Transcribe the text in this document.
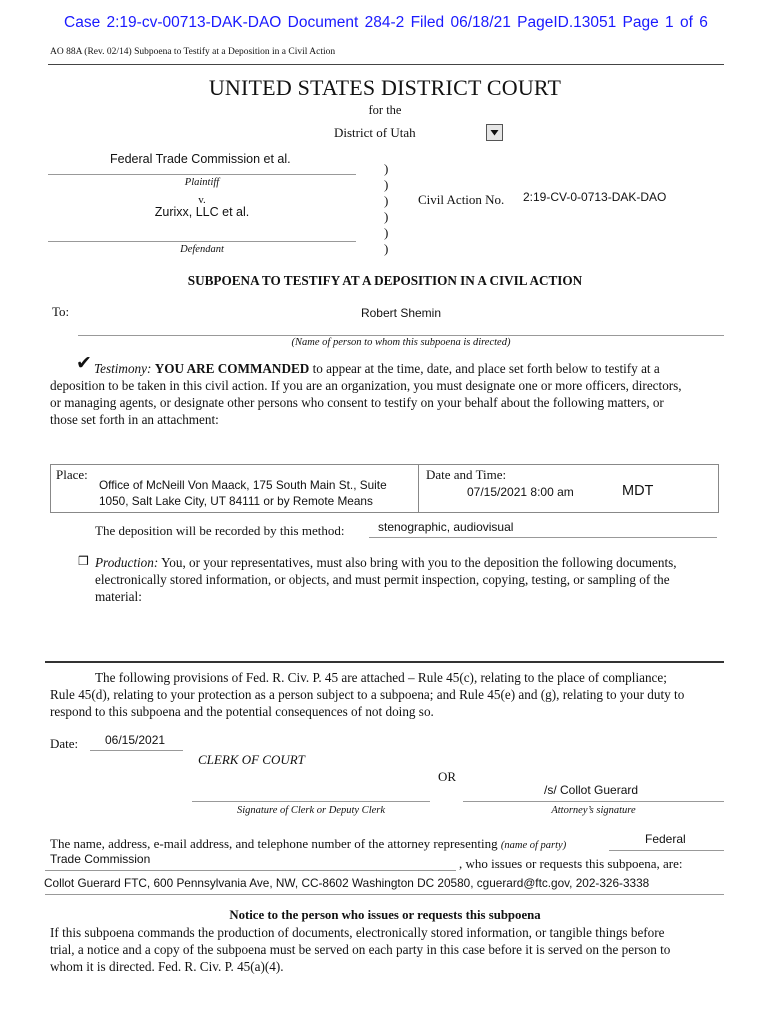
Case 2:19-cv-00713-DAK-DAO Document 284-2 Filed 06/18/21 PageID.13051 Page 1 of 6
AO 88A (Rev. 02/14) Subpoena to Testify at a Deposition in a Civil Action
UNITED STATES DISTRICT COURT
for the
District of Utah
Federal Trade Commission et al.
Plaintiff
v.
Zurixx, LLC et al.
Defendant
)
)
)
)
)
)
Civil Action No. 2:19-CV-0-0713-DAK-DAO
SUBPOENA TO TESTIFY AT A DEPOSITION IN A CIVIL ACTION
To:	Robert Shemin
(Name of person to whom this subpoena is directed)
✔ Testimony: YOU ARE COMMANDED to appear at the time, date, and place set forth below to testify at a
deposition to be taken in this civil action. If you are an organization, you must designate one or more officers, directors,
or managing agents, or designate other persons who consent to testify on your behalf about the following matters, or
those set forth in an attachment:
Place:
Office of McNeill Von Maack, 175 South Main St., Suite
1050, Salt Lake City, UT 84111 or by Remote Means
Date and Time:
07/15/2021 8:00 am	MDT
The deposition will be recorded by this method:	stenographic, audiovisual
❒ Production: You, or your representatives, must also bring with you to the deposition the following documents,
electronically stored information, or objects, and must permit inspection, copying, testing, or sampling of the
material:
The following provisions of Fed. R. Civ. P. 45 are attached – Rule 45(c), relating to the place of compliance;
Rule 45(d), relating to your protection as a person subject to a subpoena; and Rule 45(e) and (g), relating to your duty to
respond to this subpoena and the potential consequences of not doing so.
Date: 06/15/2021
CLERK OF COURT
OR
/s/ Collot Guerard
Signature of Clerk or Deputy Clerk	Attorney’s signature
The name, address, e-mail address, and telephone number of the attorney representing (name of party)	Federal
Trade Commission	, who issues or requests this subpoena, are:
Collot Guerard FTC, 600 Pennsylvania Ave, NW, CC-8602 Washington DC 20580, cguerard@ftc.gov, 202-326-3338
Notice to the person who issues or requests this subpoena
If this subpoena commands the production of documents, electronically stored information, or tangible things before
trial, a notice and a copy of the subpoena must be served on each party in this case before it is served on the person to
whom it is directed. Fed. R. Civ. P. 45(a)(4).
